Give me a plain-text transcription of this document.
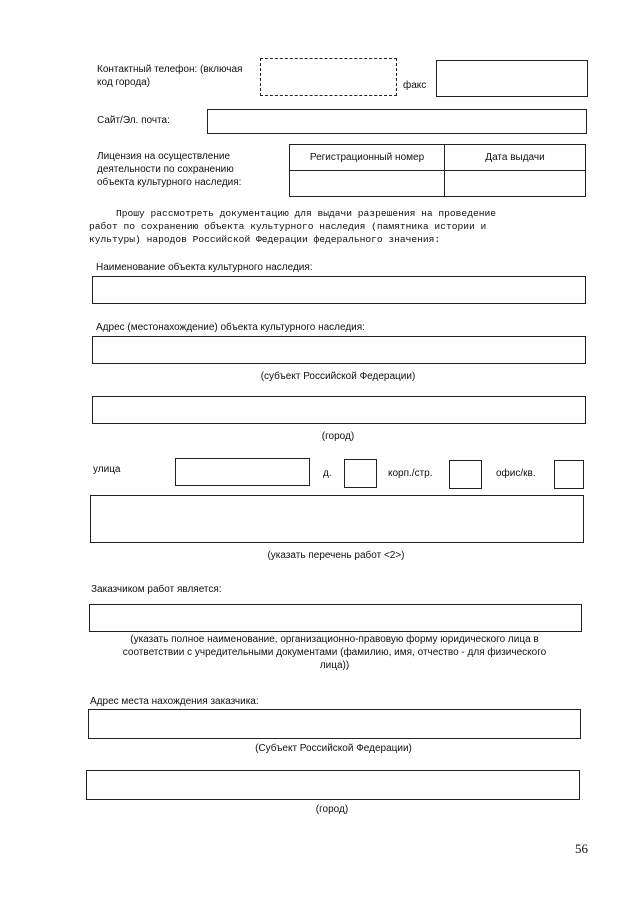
Контактный телефон: (включая
код города)	факс
Сайт/Эл. почта:
Лицензия на осуществление
деятельности по сохранению
объекта культурного наследия:
Регистрационный номер	Дата выдачи

Прошу рассмотреть документацию для выдачи разрешения на проведение
работ по сохранению объекта культурного наследия (памятника истории и
культуры) народов Российской Федерации федерального значения:
Наименование объекта культурного наследия:
Адрес (местонахождение) объекта культурного наследия:
(субъект Российской Федерации)
(город)
улица	д.	корп./стр.	офис/кв.
(указать перечень работ <2>)
Заказчиком работ является:
(указать полное наименование, организационно-правовую форму юридического лица в
соответствии с учредительными документами (фамилию, имя, отчество - для физического
лица))
Адрес места нахождения заказчика:
(Субъект Российской Федерации)
(город)
56
